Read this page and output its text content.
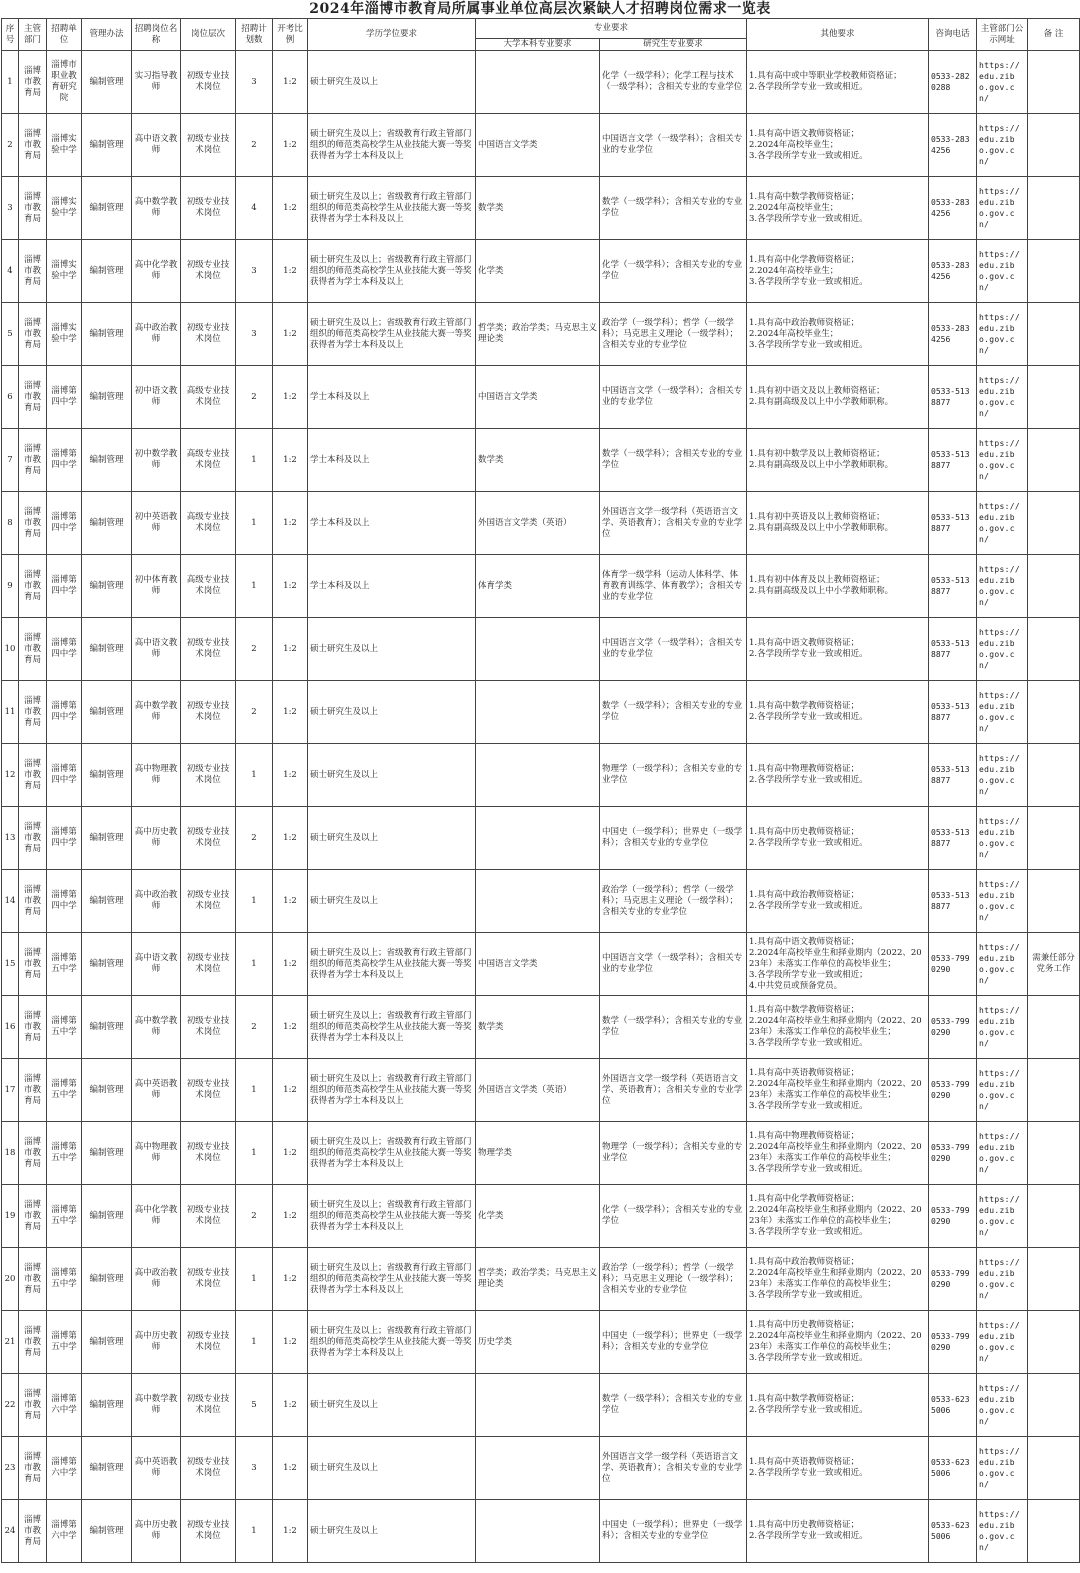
2024年淄博市教育局所属事业单位高层次紧缺人才招聘岗位需求一览表
序号	主管部门	招聘单位	管理办法	招聘岗位名称	岗位层次	招聘计划数	开考比例	学历学位要求	专业要求		其他要求	咨询电话	主管部门公示网址	备 注
									大学本科专业要求	研究生专业要求				
1	淄博市教育局	淄博市职业教育研究院	编制管理	实习指导教师	初级专业技术岗位	3	1:2	硕士研究生及以上		化学（一级学科）；化学工程与技术（一级学科）；含相关专业的专业学位	1.具有高中或中等职业学校教师资格证；
2.各学段所学专业一致或相近。	0533-2820288	https://edu.zibo.gov.cn/	
2	淄博市教育局	淄博实验中学	编制管理	高中语文教师	初级专业技术岗位	2	1:2	硕士研究生及以上；省级教育行政主管部门组织的师范类高校学生从业技能大赛一等奖获得者为学士本科及以上	中国语言文学类	中国语言文学（一级学科）；含相关专业的专业学位	1.具有高中语文教师资格证；
2.2024年高校毕业生；
3.各学段所学专业一致或相近。	0533-2834256	https://edu.zibo.gov.cn/	
3	淄博市教育局	淄博实验中学	编制管理	高中数学教师	初级专业技术岗位	4	1:2	硕士研究生及以上；省级教育行政主管部门组织的师范类高校学生从业技能大赛一等奖获得者为学士本科及以上	数学类	数学（一级学科）；含相关专业的专业学位	1.具有高中数学教师资格证；
2.2024年高校毕业生；
3.各学段所学专业一致或相近。	0533-2834256	https://edu.zibo.gov.cn/	
4	淄博市教育局	淄博实验中学	编制管理	高中化学教师	初级专业技术岗位	3	1:2	硕士研究生及以上；省级教育行政主管部门组织的师范类高校学生从业技能大赛一等奖获得者为学士本科及以上	化学类	化学（一级学科）；含相关专业的专业学位	1.具有高中化学教师资格证；
2.2024年高校毕业生；
3.各学段所学专业一致或相近。	0533-2834256	https://edu.zibo.gov.cn/	
5	淄博市教育局	淄博实验中学	编制管理	高中政治教师	初级专业技术岗位	3	1:2	硕士研究生及以上；省级教育行政主管部门组织的师范类高校学生从业技能大赛一等奖获得者为学士本科及以上	哲学类；政治学类；马克思主义理论类	政治学（一级学科）；哲学（一级学科）；马克思主义理论（一级学科）；含相关专业的专业学位	1.具有高中政治教师资格证；
2.2024年高校毕业生；
3.各学段所学专业一致或相近。	0533-2834256	https://edu.zibo.gov.cn/	
6	淄博市教育局	淄博第四中学	编制管理	初中语文教师	高级专业技术岗位	2	1:2	学士本科及以上	中国语言文学类	中国语言文学（一级学科）；含相关专业的专业学位	1.具有初中语文及以上教师资格证；
2.具有副高级及以上中小学教师职称。	0533-5138877	https://edu.zibo.gov.cn/	
7	淄博市教育局	淄博第四中学	编制管理	初中数学教师	高级专业技术岗位	1	1:2	学士本科及以上	数学类	数学（一级学科）；含相关专业的专业学位	1.具有初中数学及以上教师资格证；
2.具有副高级及以上中小学教师职称。	0533-5138877	https://edu.zibo.gov.cn/	
8	淄博市教育局	淄博第四中学	编制管理	初中英语教师	高级专业技术岗位	1	1:2	学士本科及以上	外国语言文学类（英语）	外国语言文学一级学科（英语语言文学、英语教育）；含相关专业的专业学位	1.具有初中英语及以上教师资格证；
2.具有副高级及以上中小学教师职称。	0533-5138877	https://edu.zibo.gov.cn/	
9	淄博市教育局	淄博第四中学	编制管理	初中体育教师	高级专业技术岗位	1	1:2	学士本科及以上	体育学类	体育学一级学科（运动人体科学、体育教育训练学、体育教学）；含相关专业的专业学位	1.具有初中体育及以上教师资格证；
2.具有副高级及以上中小学教师职称。	0533-5138877	https://edu.zibo.gov.cn/	
10	淄博市教育局	淄博第四中学	编制管理	高中语文教师	初级专业技术岗位	2	1:2	硕士研究生及以上		中国语言文学（一级学科）；含相关专业的专业学位	1.具有高中语文教师资格证；
2.各学段所学专业一致或相近。	0533-5138877	https://edu.zibo.gov.cn/	
11	淄博市教育局	淄博第四中学	编制管理	高中数学教师	初级专业技术岗位	2	1:2	硕士研究生及以上		数学（一级学科）；含相关专业的专业学位	1.具有高中数学教师资格证；
2.各学段所学专业一致或相近。	0533-5138877	https://edu.zibo.gov.cn/	
12	淄博市教育局	淄博第四中学	编制管理	高中物理教师	初级专业技术岗位	1	1:2	硕士研究生及以上		物理学（一级学科）；含相关专业的专业学位	1.具有高中物理教师资格证；
2.各学段所学专业一致或相近。	0533-5138877	https://edu.zibo.gov.cn/	
13	淄博市教育局	淄博第四中学	编制管理	高中历史教师	初级专业技术岗位	2	1:2	硕士研究生及以上		中国史（一级学科）；世界史（一级学科）；含相关专业的专业学位	1.具有高中历史教师资格证；
2.各学段所学专业一致或相近。	0533-5138877	https://edu.zibo.gov.cn/	
14	淄博市教育局	淄博第四中学	编制管理	高中政治教师	初级专业技术岗位	1	1:2	硕士研究生及以上		政治学（一级学科）；哲学（一级学科）；马克思主义理论（一级学科）；含相关专业的专业学位	1.具有高中政治教师资格证；
2.各学段所学专业一致或相近。	0533-5138877	https://edu.zibo.gov.cn/	
15	淄博市教育局	淄博第五中学	编制管理	高中语文教师	初级专业技术岗位	1	1:2	硕士研究生及以上；省级教育行政主管部门组织的师范类高校学生从业技能大赛一等奖获得者为学士本科及以上	中国语言文学类	中国语言文学（一级学科）；含相关专业的专业学位	1.具有高中语文教师资格证；
2.2024年高校毕业生和择业期内（2022、2023年）未落实工作单位的高校毕业生；
3.各学段所学专业一致或相近；
4.中共党员或预备党员。	0533-7990290	https://edu.zibo.gov.cn/	需兼任部分党务工作
16	淄博市教育局	淄博第五中学	编制管理	高中数学教师	初级专业技术岗位	2	1:2	硕士研究生及以上；省级教育行政主管部门组织的师范类高校学生从业技能大赛一等奖获得者为学士本科及以上	数学类	数学（一级学科）；含相关专业的专业学位	1.具有高中数学教师资格证；
2.2024年高校毕业生和择业期内（2022、2023年）未落实工作单位的高校毕业生；
3.各学段所学专业一致或相近。	0533-7990290	https://edu.zibo.gov.cn/	
17	淄博市教育局	淄博第五中学	编制管理	高中英语教师	初级专业技术岗位	1	1:2	硕士研究生及以上；省级教育行政主管部门组织的师范类高校学生从业技能大赛一等奖获得者为学士本科及以上	外国语言文学类（英语）	外国语言文学一级学科（英语语言文学、英语教育）；含相关专业的专业学位	1.具有高中英语教师资格证；
2.2024年高校毕业生和择业期内（2022、2023年）未落实工作单位的高校毕业生；
3.各学段所学专业一致或相近。	0533-7990290	https://edu.zibo.gov.cn/	
18	淄博市教育局	淄博第五中学	编制管理	高中物理教师	初级专业技术岗位	1	1:2	硕士研究生及以上；省级教育行政主管部门组织的师范类高校学生从业技能大赛一等奖获得者为学士本科及以上	物理学类	物理学（一级学科）；含相关专业的专业学位	1.具有高中物理教师资格证；
2.2024年高校毕业生和择业期内（2022、2023年）未落实工作单位的高校毕业生；
3.各学段所学专业一致或相近。	0533-7990290	https://edu.zibo.gov.cn/	
19	淄博市教育局	淄博第五中学	编制管理	高中化学教师	初级专业技术岗位	2	1:2	硕士研究生及以上；省级教育行政主管部门组织的师范类高校学生从业技能大赛一等奖获得者为学士本科及以上	化学类	化学（一级学科）；含相关专业的专业学位	1.具有高中化学教师资格证；
2.2024年高校毕业生和择业期内（2022、2023年）未落实工作单位的高校毕业生；
3.各学段所学专业一致或相近。	0533-7990290	https://edu.zibo.gov.cn/	
20	淄博市教育局	淄博第五中学	编制管理	高中政治教师	初级专业技术岗位	1	1:2	硕士研究生及以上；省级教育行政主管部门组织的师范类高校学生从业技能大赛一等奖获得者为学士本科及以上	哲学类；政治学类；马克思主义理论类	政治学（一级学科）；哲学（一级学科）；马克思主义理论（一级学科）；含相关专业的专业学位	1.具有高中政治教师资格证；
2.2024年高校毕业生和择业期内（2022、2023年）未落实工作单位的高校毕业生；
3.各学段所学专业一致或相近。	0533-7990290	https://edu.zibo.gov.cn/	
21	淄博市教育局	淄博第五中学	编制管理	高中历史教师	初级专业技术岗位	1	1:2	硕士研究生及以上；省级教育行政主管部门组织的师范类高校学生从业技能大赛一等奖获得者为学士本科及以上	历史学类	中国史（一级学科）；世界史（一级学科）；含相关专业的专业学位	1.具有高中历史教师资格证；
2.2024年高校毕业生和择业期内（2022、2023年）未落实工作单位的高校毕业生；
3.各学段所学专业一致或相近。	0533-7990290	https://edu.zibo.gov.cn/	
22	淄博市教育局	淄博第六中学	编制管理	高中数学教师	初级专业技术岗位	5	1:2	硕士研究生及以上		数学（一级学科）；含相关专业的专业学位	1.具有高中数学教师资格证；
2.各学段所学专业一致或相近。	0533-6235006	https://edu.zibo.gov.cn/	
23	淄博市教育局	淄博第六中学	编制管理	高中英语教师	初级专业技术岗位	3	1:2	硕士研究生及以上		外国语言文学一级学科（英语语言文学、英语教育）；含相关专业的专业学位	1.具有高中英语教师资格证；
2.各学段所学专业一致或相近。	0533-6235006	https://edu.zibo.gov.cn/	
24	淄博市教育局	淄博第六中学	编制管理	高中历史教师	初级专业技术岗位	1	1:2	硕士研究生及以上		中国史（一级学科）；世界史（一级学科）；含相关专业的专业学位	1.具有高中历史教师资格证；
2.各学段所学专业一致或相近。	0533-6235006	https://edu.zibo.gov.cn/	
